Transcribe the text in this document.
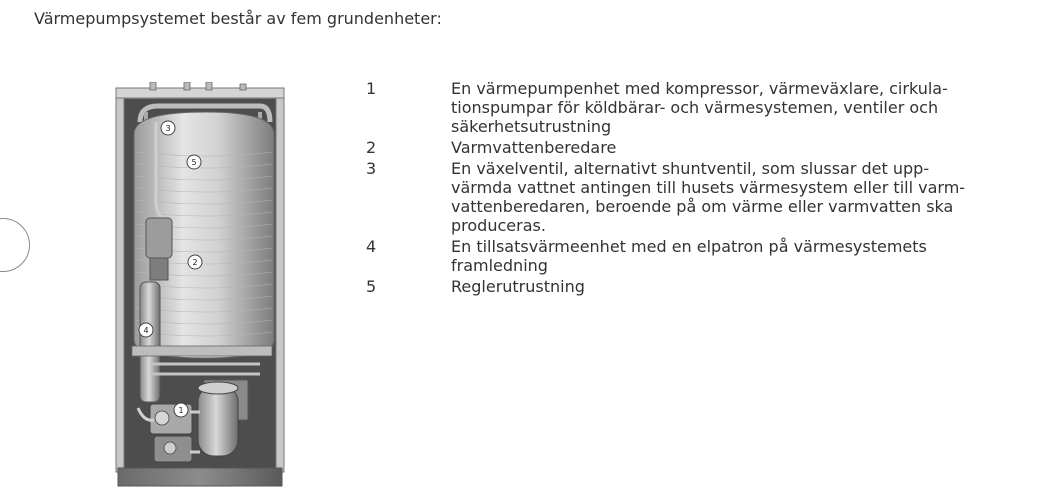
Värmepumpsystemet består av fem grundenheter:
3
5
2
4
1
1	En värmepumpenhet med kompressor, värmeväxlare, cirkula-
tionspumpar för köldbärar- och värmesystemen, ventiler och
säkerhetsutrustning
2	Varmvattenberedare
3	En växelventil, alternativt shuntventil, som slussar det upp-
värmda vattnet antingen till husets värmesystem eller till varm-
vattenberedaren, beroende på om värme eller varmvatten ska
produceras.
4	En tillsatsvärmeenhet med en elpatron på värmesystemets
framledning
5	Reglerutrustning
